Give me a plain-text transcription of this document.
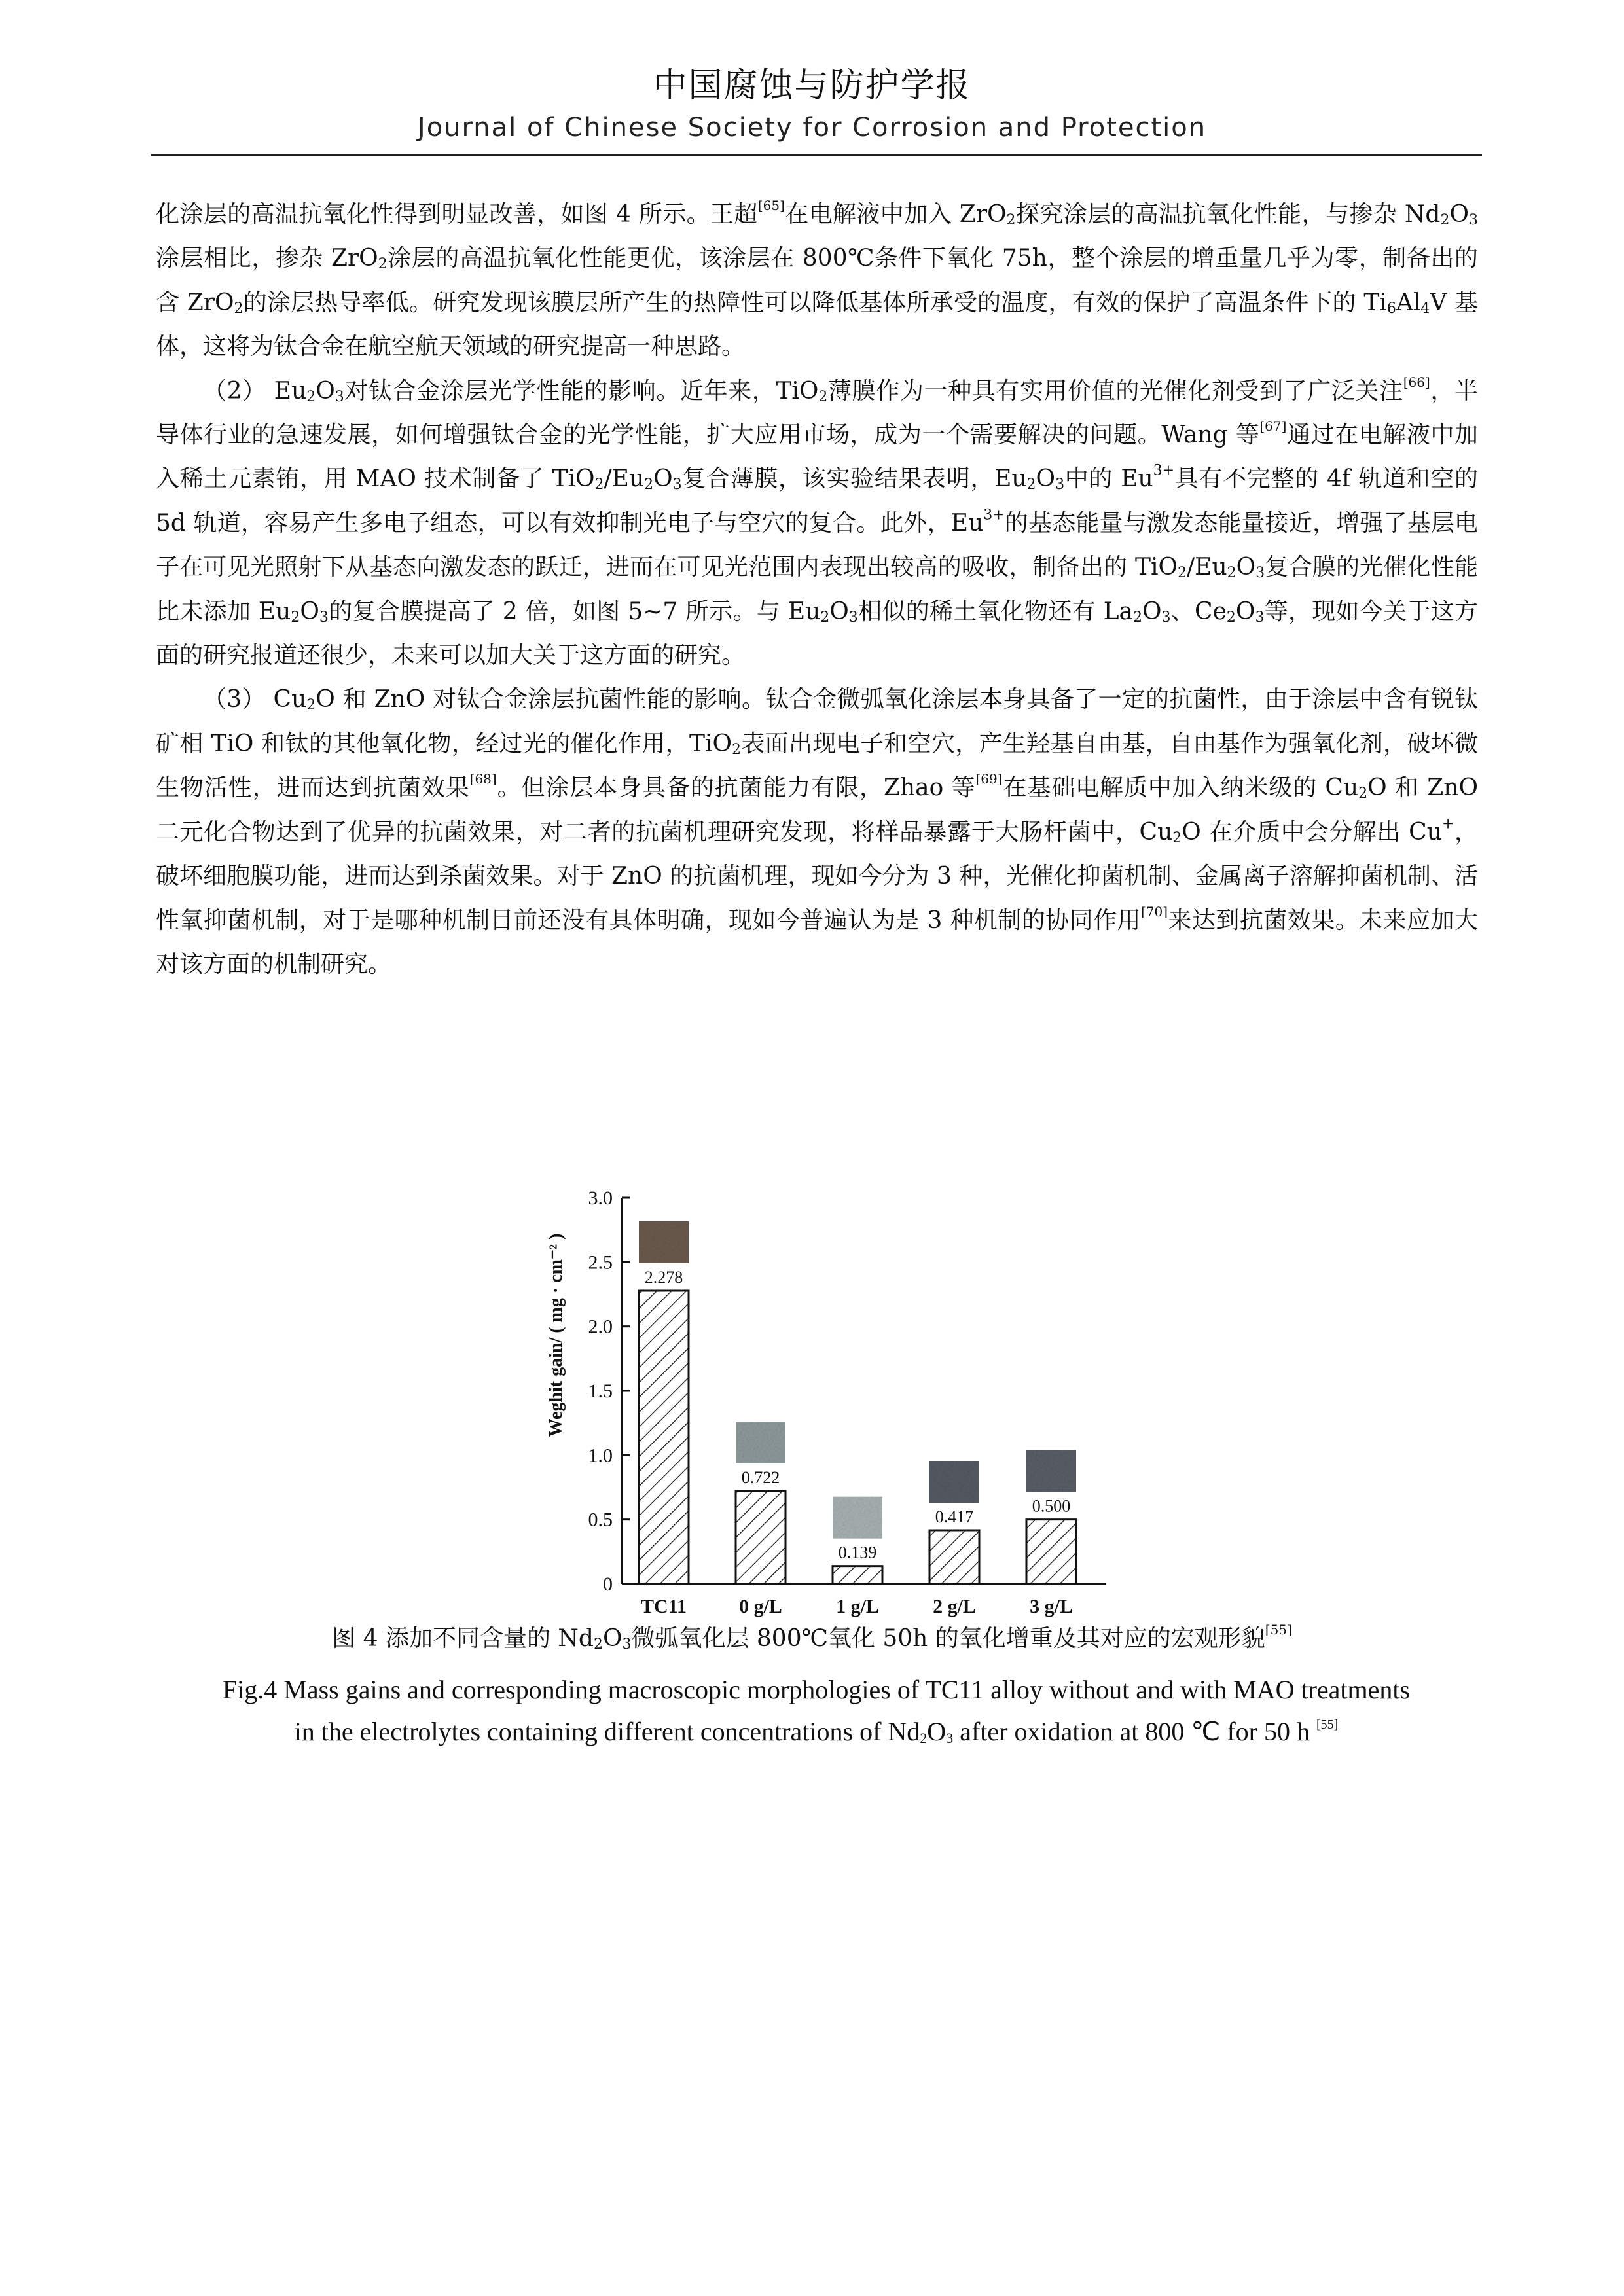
中国腐蚀与防护学报
Journal of Chinese Society for Corrosion and Protection

化涂层的高温抗氧化性得到明显改善，如图 4 所示。王超[65]在电解液中加入 ZrO$_2$探究涂层的高温抗氧化性能，与掺杂 $Nd_2O_3$涂层相比，掺杂 ZrO$_2$涂层的高温抗氧化性能更优，该涂层在 800℃条件下氧化 75h，整个涂层的增重量几乎为零，制备出的含 ZrO$_2$的涂层热导率低。研究发现该膜层所产生的热障性可以降低基体所承受的温度，有效的保护了高温条件下的 $Ti_6Al_4V$ 基体，这将为钛合金在航空航天领域的研究提高一种思路。

（2） $Eu_2O_3$对钛合金涂层光学性能的影响。近年来，TiO$_2$薄膜作为一种具有实用价值的光催化剂受到了广泛关注[66]，半导体行业的急速发展，如何增强钛合金的光学性能，扩大应用市场，成为一个需要解决的问题。Wang 等[67]通过在电解液中加入稀土元素铕，用 MAO 技术制备了 $TiO_2/Eu_2O_3$复合薄膜，该实验结果表明，$Eu_2O_3$中的 $Eu^{3+}$具有不完整的 4f 轨道和空的 5d 轨道，容易产生多电子组态，可以有效抑制光电子与空穴的复合。此外，$Eu^{3+}$的基态能量与激发态能量接近，增强了基层电子在可见光照射下从基态向激发态的跃迁，进而在可见光范围内表现出较高的吸收，制备出的 $TiO_2/Eu_2O_3$复合膜的光催化性能比未添加 $Eu_2O_3$的复合膜提高了 2 倍，如图 5~7 所示。与 $Eu_2O_3$相似的稀土氧化物还有 $La_2O_3$、$Ce_2O_3$等，现如今关于这方面的研究报道还很少，未来可以加大关于这方面的研究。

（3） $Cu_2O$ 和 ZnO 对钛合金涂层抗菌性能的影响。钛合金微弧氧化涂层本身具备了一定的抗菌性，由于涂层中含有锐钛矿相 TiO 和钛的其他氧化物，经过光的催化作用，TiO$_2$表面出现电子和空穴，产生羟基自由基，自由基作为强氧化剂，破坏微生物活性，进而达到抗菌效果[68]。但涂层本身具备的抗菌能力有限，Zhao 等[69]在基础电解质中加入纳米级的 $Cu_2O$ 和 ZnO 二元化合物达到了优异的抗菌效果，对二者的抗菌机理研究发现，将样品暴露于大肠杆菌中，$Cu_2O$ 在介质中会分解出 Cu+，破坏细胞膜功能，进而达到杀菌效果。对于 ZnO 的抗菌机理，现如今分为 3 种，光催化抑菌机制、金属离子溶解抑菌机制、活性氧抑菌机制，对于是哪种机制目前还没有具体明确，现如今普遍认为是 3 种机制的协同作用[70]来达到抗菌效果。未来应加大对该方面的机制研究。

0
0.5
1.0
1.5
2.0
2.5
3.0
2.278
TC11
0.722
0 g/L
0.139
1 g/L
0.417
2 g/L
0.500
3 g/L
Weghit gain/ ( mg · cm⁻² )
图 4 添加不同含量的 $Nd_2O_3$微弧氧化层 800℃氧化 50h 的氧化增重及其对应的宏观形貌[55]
Fig.4 Mass gains and corresponding macroscopic morphologies of TC11 alloy without and with MAO treatments
in the electrolytes containing different concentrations of $Nd_2O_3$ after oxidation at 800 ℃ for 50 h [55]
